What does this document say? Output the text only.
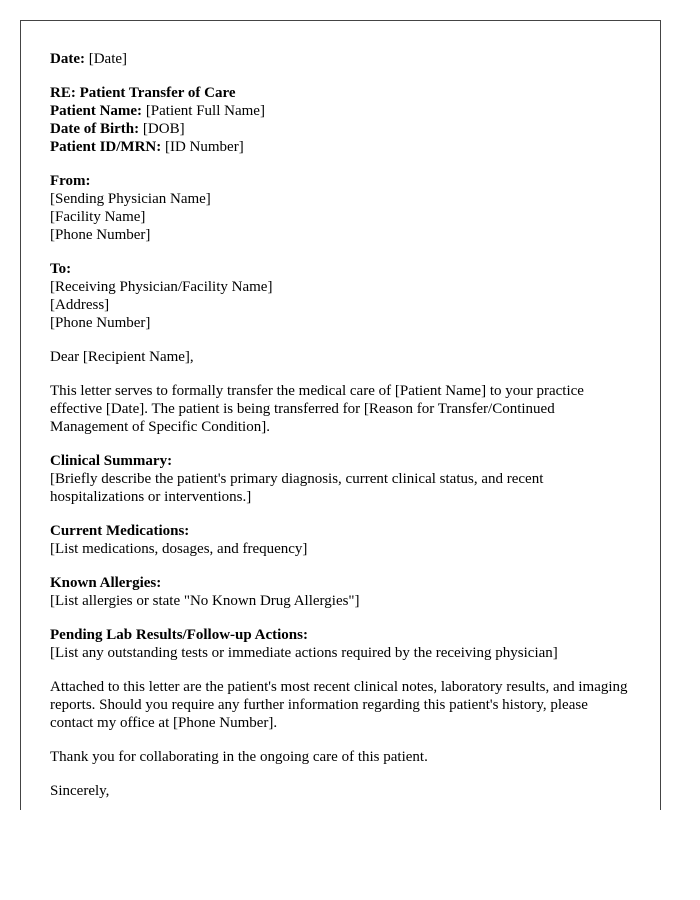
Date: [Date]
RE: Patient Transfer of Care
Patient Name: [Patient Full Name]
Date of Birth: [DOB]
Patient ID/MRN: [ID Number]
From:
[Sending Physician Name]
[Facility Name]
[Phone Number]
To:
[Receiving Physician/Facility Name]
[Address]
[Phone Number]
Dear [Recipient Name],
This letter serves to formally transfer the medical care of [Patient Name] to your practice effective [Date]. The patient is being transferred for [Reason for Transfer/Continued Management of Specific Condition].
Clinical Summary:
[Briefly describe the patient's primary diagnosis, current clinical status, and recent hospitalizations or interventions.]
Current Medications:
[List medications, dosages, and frequency]
Known Allergies:
[List allergies or state "No Known Drug Allergies"]
Pending Lab Results/Follow-up Actions:
[List any outstanding tests or immediate actions required by the receiving physician]
Attached to this letter are the patient's most recent clinical notes, laboratory results, and imaging reports. Should you require any further information regarding this patient's history, please contact my office at [Phone Number].
Thank you for collaborating in the ongoing care of this patient.
Sincerely,
